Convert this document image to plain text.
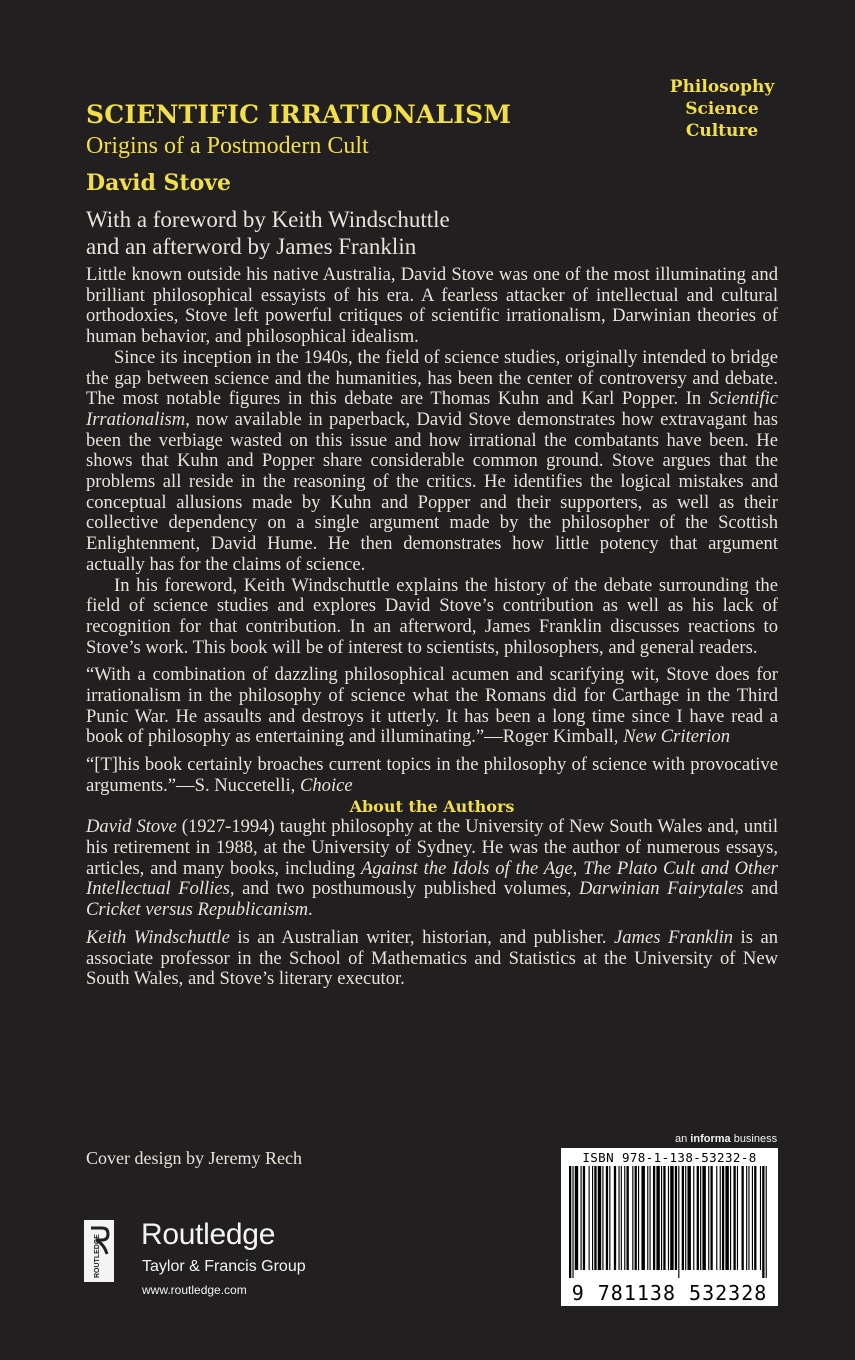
Philosophy
Science
Culture
SCIENTIFIC IRRATIONALISM
Origins of a Postmodern Cult
David Stove
With a foreword by Keith Windschuttle
and an afterword by James Franklin

Little known outside his native Australia, David Stove was one of the most illuminating and brilliant philosophical essayists of his era. A fearless attacker of intellectual and cultural orthodoxies, Stove left powerful critiques of scientific irrationalism, Darwinian theories of human behavior, and philosophical idealism.

Since its inception in the 1940s, the field of science studies, originally intended to bridge the gap between science and the humanities, has been the center of controversy and debate. The most notable figures in this debate are Thomas Kuhn and Karl Popper. In Scientific Irrationalism, now available in paperback, David Stove demonstrates how extravagant has been the verbiage wasted on this issue and how irrational the combatants have been. He shows that Kuhn and Popper share considerable common ground. Stove argues that the problems all reside in the reasoning of the critics. He identifies the logical mistakes and conceptual allusions made by Kuhn and Popper and their supporters, as well as their collective dependency on a single argument made by the philosopher of the Scottish Enlightenment, David Hume. He then demonstrates how little potency that argument actually has for the claims of science.

In his foreword, Keith Windschuttle explains the history of the debate surrounding the field of science studies and explores David Stove’s contribution as well as his lack of recognition for that contribution. In an afterword, James Franklin discusses reactions to Stove’s work. This book will be of interest to scientists, philosophers, and general readers.

“With a combination of dazzling philosophical acumen and scarifying wit, Stove does for irrationalism in the philosophy of science what the Romans did for Carthage in the Third Punic War. He assaults and destroys it utterly. It has been a long time since I have read a book of philosophy as entertaining and illuminating.”—Roger Kimball, New Criterion

“[T]his book certainly broaches current topics in the philosophy of science with provocative arguments.”—S. Nuccetelli, Choice

About the Authors

David Stove (1927-1994) taught philosophy at the University of New South Wales and, until his retirement in 1988, at the University of Sydney. He was the author of numerous essays, articles, and many books, including Against the Idols of the Age, The Plato Cult and Other Intellectual Follies, and two posthumously published volumes, Darwinian Fairytales and Cricket versus Republicanism.

Keith Windschuttle is an Australian writer, historian, and publisher. James Franklin is an associate professor in the School of Mathematics and Statistics at the University of New South Wales, and Stove’s literary executor.

Cover design by Jeremy Rech
an informa business
ISBN 978-1-138-53232-8
9 781138 532328
ROUTLEDGE Routledge
Taylor & Francis Group
www.routledge.com
